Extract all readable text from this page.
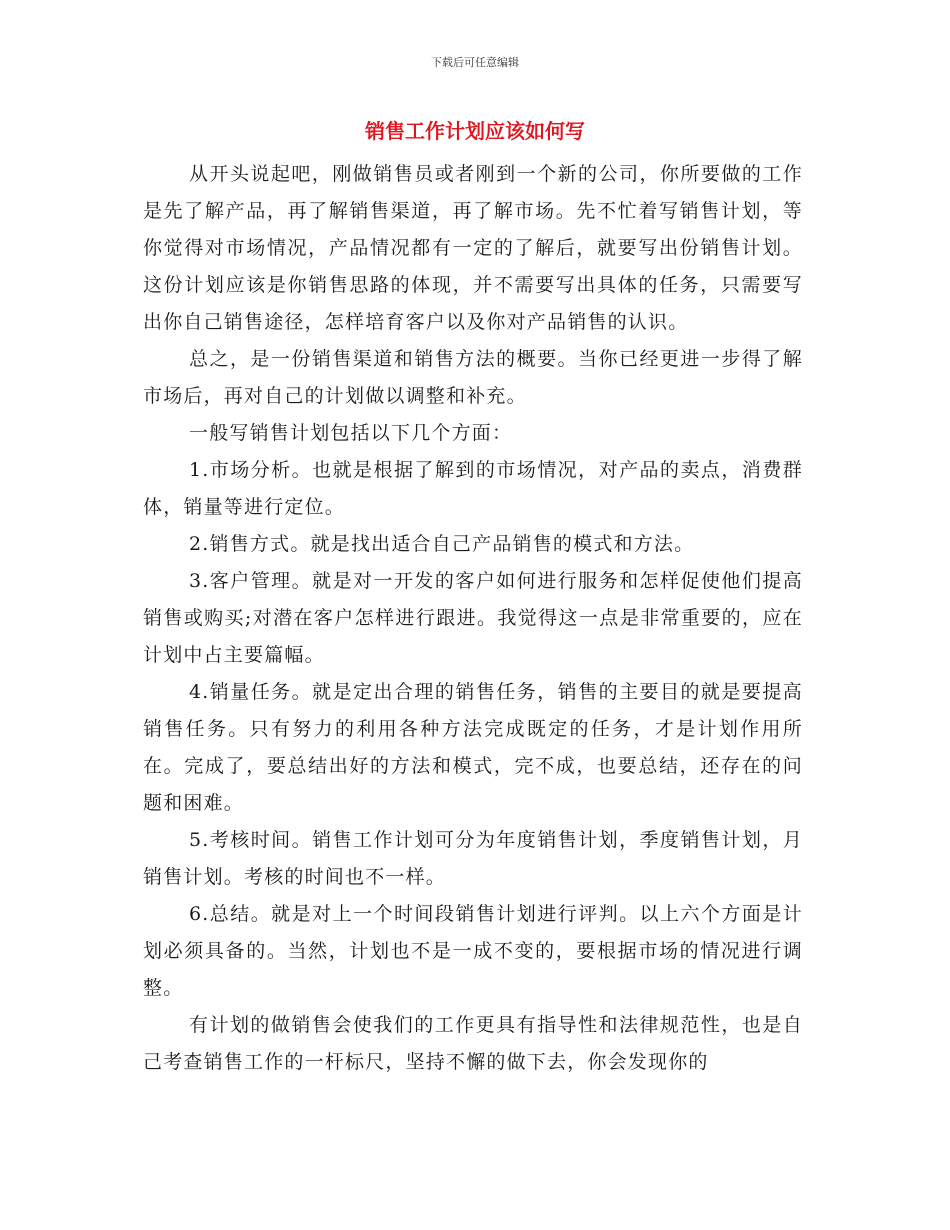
下载后可任意编辑
销售工作计划应该如何写

从开头说起吧，刚做销售员或者刚到一个新的公司，你所要做的工作是先了解产品，再了解销售渠道，再了解市场。先不忙着写销售计划，等你觉得对市场情况，产品情况都有一定的了解后，就要写出份销售计划。这份计划应该是你销售思路的体现，并不需要写出具体的任务，只需要写出你自己销售途径，怎样培育客户以及你对产品销售的认识。

总之，是一份销售渠道和销售方法的概要。当你已经更进一步得了解市场后，再对自己的计划做以调整和补充。

一般写销售计划包括以下几个方面：

1.市场分析。也就是根据了解到的市场情况，对产品的卖点，消费群体，销量等进行定位。

2.销售方式。就是找出适合自己产品销售的模式和方法。

3.客户管理。就是对一开发的客户如何进行服务和怎样促使他们提高销售或购买;对潜在客户怎样进行跟进。我觉得这一点是非常重要的，应在计划中占主要篇幅。

4.销量任务。就是定出合理的销售任务，销售的主要目的就是要提高销售任务。只有努力的利用各种方法完成既定的任务，才是计划作用所在。完成了，要总结出好的方法和模式，完不成，也要总结，还存在的问题和困难。

5.考核时间。销售工作计划可分为年度销售计划，季度销售计划，月销售计划。考核的时间也不一样。

6.总结。就是对上一个时间段销售计划进行评判。以上六个方面是计划必须具备的。当然，计划也不是一成不变的，要根据市场的情况进行调整。

有计划的做销售会使我们的工作更具有指导性和法律规范性，也是自己考查销售工作的一杆标尺，坚持不懈的做下去，你会发现你的
